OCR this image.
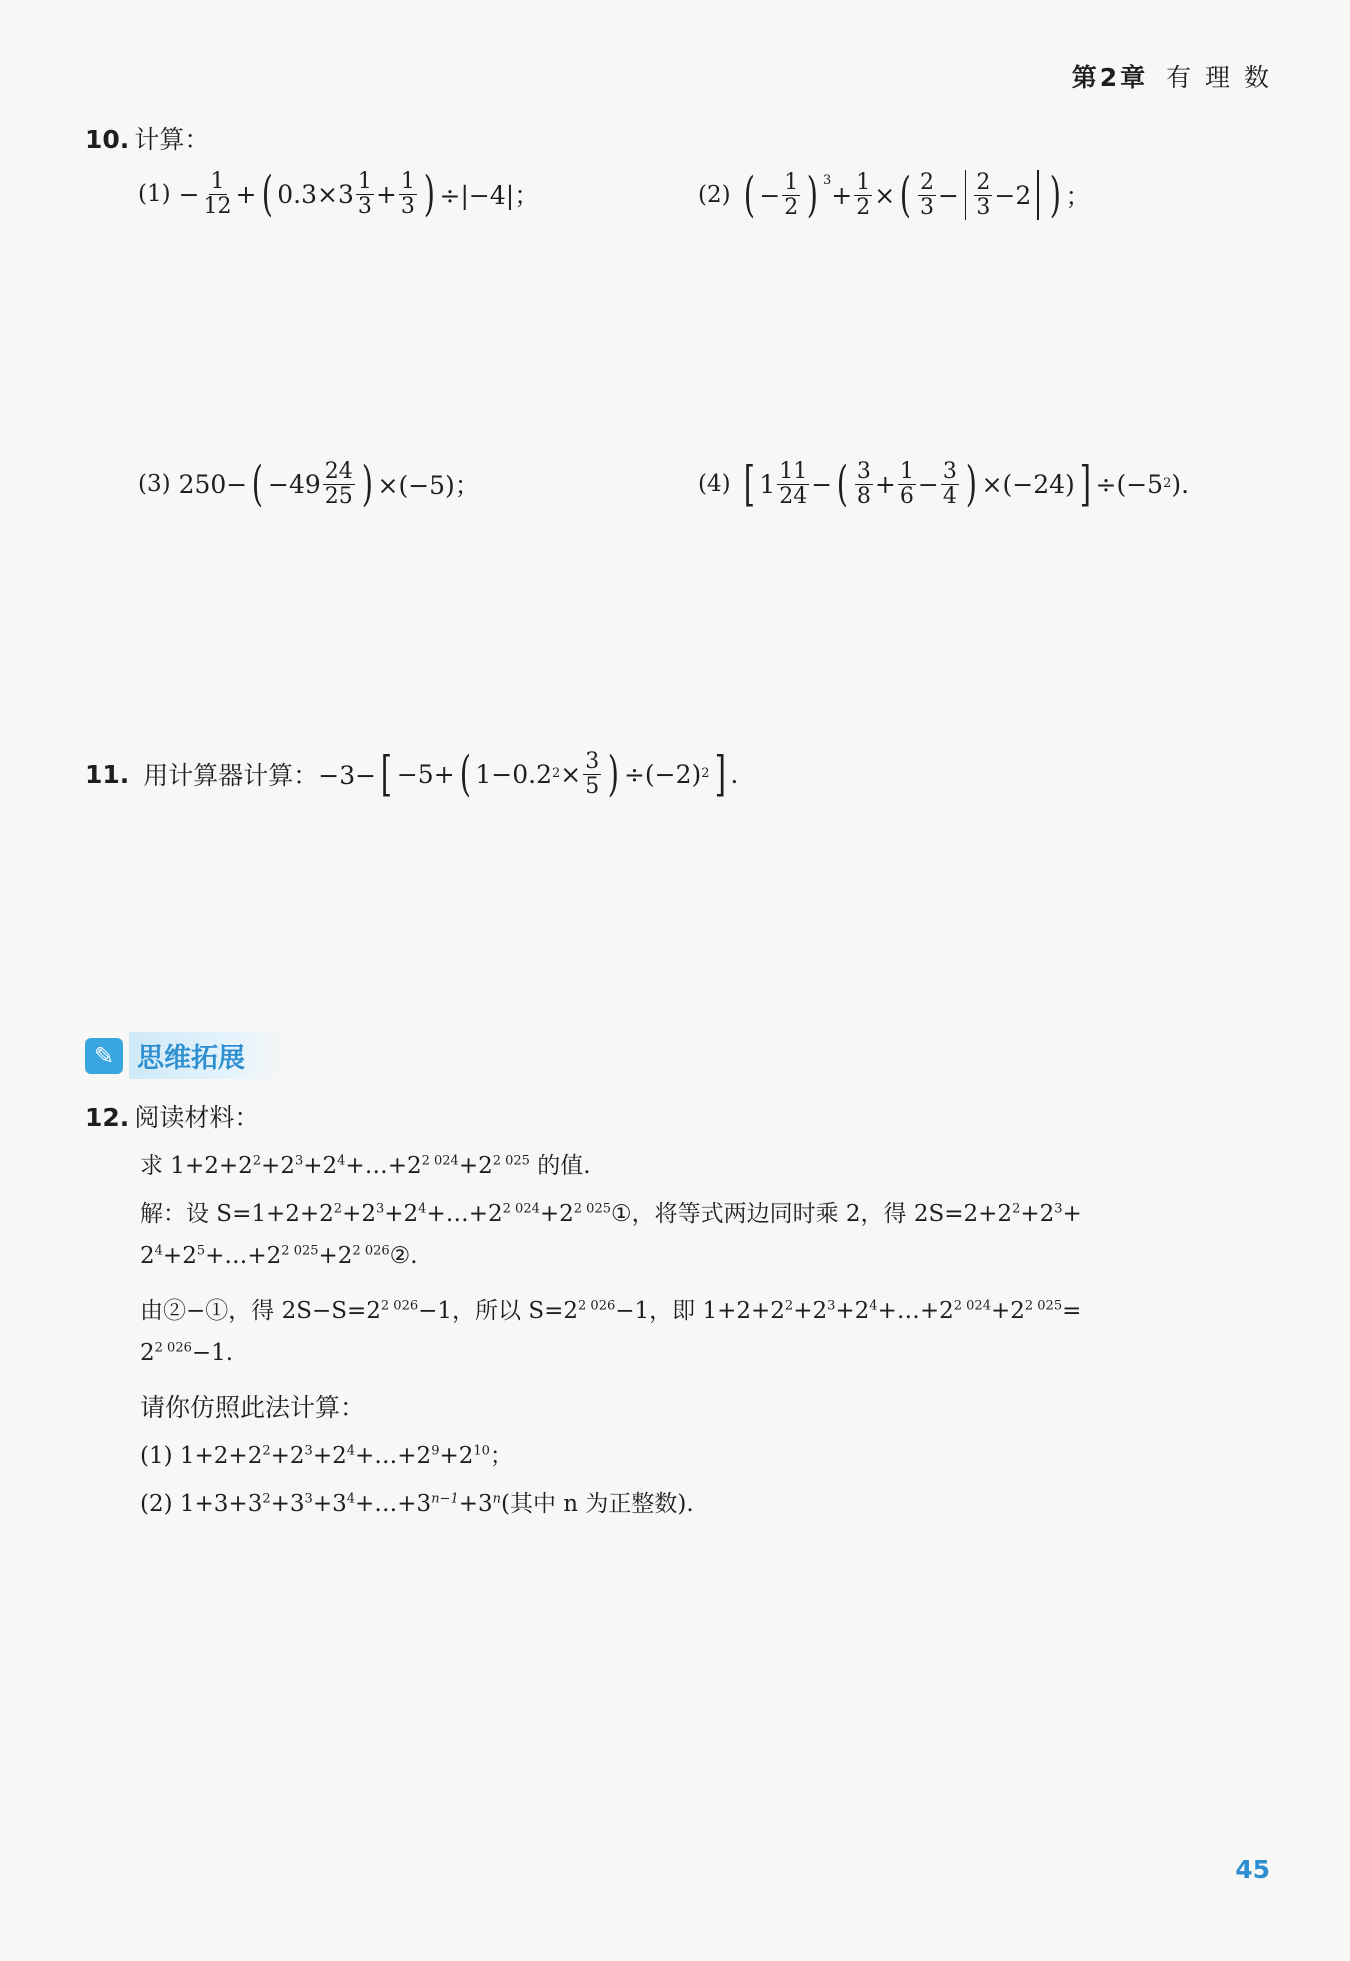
第2章 有 理 数
10. 计算：
$(1) - \frac{1}{12}$ + ( $0.3\times 3 \frac{1}{3} + \frac{1}{3}$ ) ÷|−4|；	(2) ( − $\frac{1}{2}$ ) $^3 + \frac{1}{2}$ × ( $\frac{2}{3} - \frac{2}{3} -2$ ) ；
(3) 250− ( $-49 \frac{24}{25}$ ) ×(−5)；	(4) [ $1 \frac{11}{24}$ − ( $\frac{3}{8} + \frac{1}{6} - \frac{3}{4}$ ) ×(−24) ] ÷(−5 2 ).
11. 用计算器计算：−3− [ −5+ ( 1−0.2 $2 \times \frac{3}{5}$ ) ÷(−2) 2 ] .
✎ 思维拓展
12. 阅读材料：
求 $1+2+2^2+2^3+2^4+\dots+2^{2 024}+2^{2 025}$ 的值.
解：设 $S=1+2+2^2+2^3+2^4+\dots+2^{2 024}+2^{2 025}①$，将等式两边同时乘 2，得 $2S=2+2^2+2^3+$
$2^4+2^5+\dots+2^{2 025}+2^{2 026}②$.
由②−①，得 $2S-S=2^{2 026}-1$，所以 $S=2^{2 026}-1$，即 $1+2+2^2+2^3+2^4+\dots+2^{2 024}+2^{2 025}=$
$2^{2 026}-1$.
请你仿照此法计算：
(1) $1+2+2^2+2^3+2^4+\dots+2^9+2^{10}$；
(2) $1+3+3^2+3^3+3^4+\dots+3^{n-1}+3^n$(其中 n 为正整数).
45
